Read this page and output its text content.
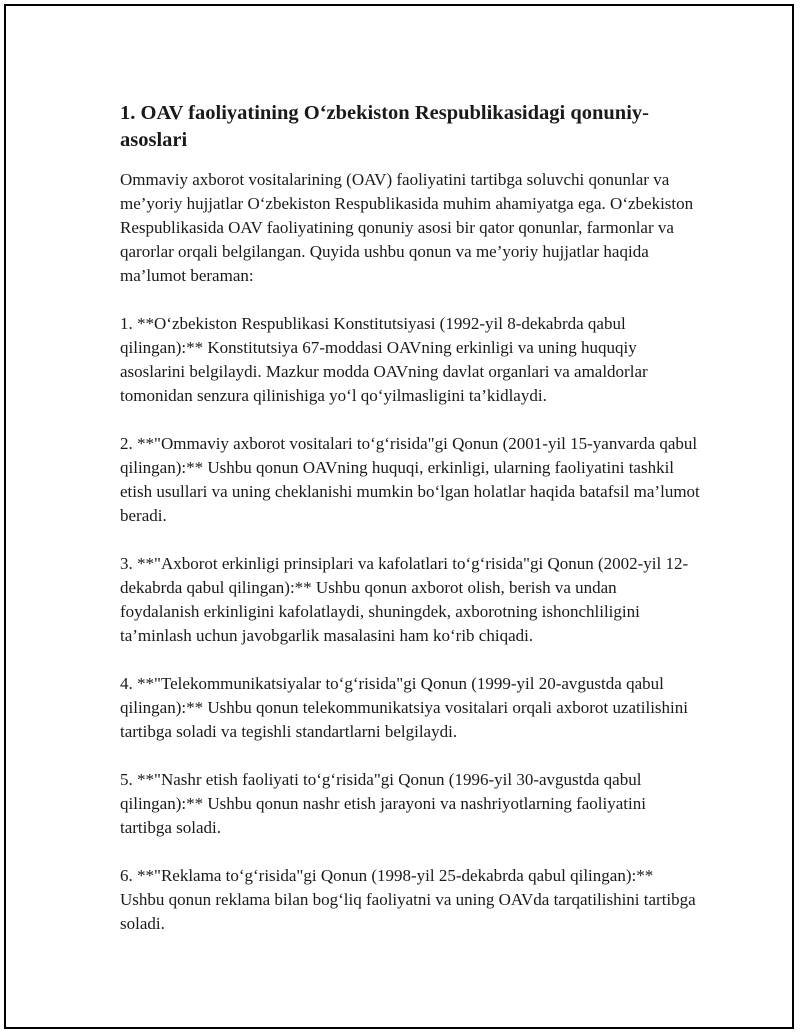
1. OAV faoliyatining O‘zbekiston Respublikasidagi qonuniy-asoslari

Ommaviy axborot vositalarining (OAV) faoliyatini tartibga soluvchi qonunlar va me’yoriy hujjatlar O‘zbekiston Respublikasida muhim ahamiyatga ega. O‘zbekiston Respublikasida OAV faoliyatining qonuniy asosi bir qator qonunlar, farmonlar va qarorlar orqali belgilangan. Quyida ushbu qonun va me’yoriy hujjatlar haqida ma’lumot beraman:

1. **O‘zbekiston Respublikasi Konstitutsiyasi (1992-yil 8-dekabrda qabul qilingan):** Konstitutsiya 67-moddasi OAVning erkinligi va uning huquqiy asoslarini belgilaydi. Mazkur modda OAVning davlat organlari va amaldorlar tomonidan senzura qilinishiga yo‘l qo‘yilmasligini ta’kidlaydi.

2. **"Ommaviy axborot vositalari to‘g‘risida"gi Qonun (2001-yil 15-yanvarda qabul qilingan):** Ushbu qonun OAVning huquqi, erkinligi, ularning faoliyatini tashkil etish usullari va uning cheklanishi mumkin bo‘lgan holatlar haqida batafsil ma’lumot beradi.

3. **"Axborot erkinligi prinsiplari va kafolatlari to‘g‘risida"gi Qonun (2002-yil 12-dekabrda qabul qilingan):** Ushbu qonun axborot olish, berish va undan foydalanish erkinligini kafolatlaydi, shuningdek, axborotning ishonchliligini ta’minlash uchun javobgarlik masalasini ham ko‘rib chiqadi.

4. **"Telekommunikatsiyalar to‘g‘risida"gi Qonun (1999-yil 20-avgustda qabul qilingan):** Ushbu qonun telekommunikatsiya vositalari orqali axborot uzatilishini tartibga soladi va tegishli standartlarni belgilaydi.

5. **"Nashr etish faoliyati to‘g‘risida"gi Qonun (1996-yil 30-avgustda qabul qilingan):** Ushbu qonun nashr etish jarayoni va nashriyotlarning faoliyatini tartibga soladi.

6. **"Reklama to‘g‘risida"gi Qonun (1998-yil 25-dekabrda qabul qilingan):** Ushbu qonun reklama bilan bog‘liq faoliyatni va uning OAVda tarqatilishini tartibga soladi.
